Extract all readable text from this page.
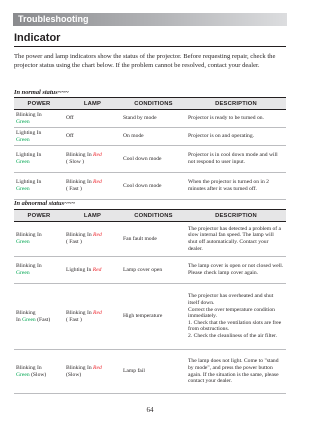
Troubleshooting
Indicator
The power and lamp indicators show the status of the projector. Before requesting repair, check the projector status using the chart below. If the problem cannot be resolved, contact your dealer.
In normal status~~~
POWER	LAMP	CONDITIONS	DESCRIPTION
Blinking In
Green	Off	Stand by mode	Projector is ready to be turned on.
Lighting In
Green	Off	On mode	Projector is on and operating.
Lighting In
Green	Blinking In Red
( Slow )	Cool down mode	Projector is in cool down mode and will not respond to user input.
Lighting In
Green	Blinking In Red
( Fast )	Cool down mode	When the projector is turned on in 2 minutes after it was turned off.
In abnormal status~~~
POWER	LAMP	CONDITIONS	DESCRIPTION
Blinking In
Green	Blinking In Red
( Fast )	Fan fault mode	The projector has detected a problem of a slow internal fan speed. The lamp will shut off automatically. Contact your dealer.
Blinking In
Green	Lighting In Red	Lamp cover open	The lamp cover is open or not closed well. Please check lamp cover again.
Blinking
In Green (Fast)	Blinking In Red
( Fast )	High temperature	The projector has overheated and shut itself down.
Correct the over temperature condition immediately.
1. Check that the ventilation slots are free from obstructions.
2. Check the cleanliness of the air filter.
Blinking In
Green (Slow)	Blinking In Red
(Slow)	Lamp fail	The lamp does not light. Come to "stand by mode", and press the power button again. If the situation is the same, please contact your dealer.
64
